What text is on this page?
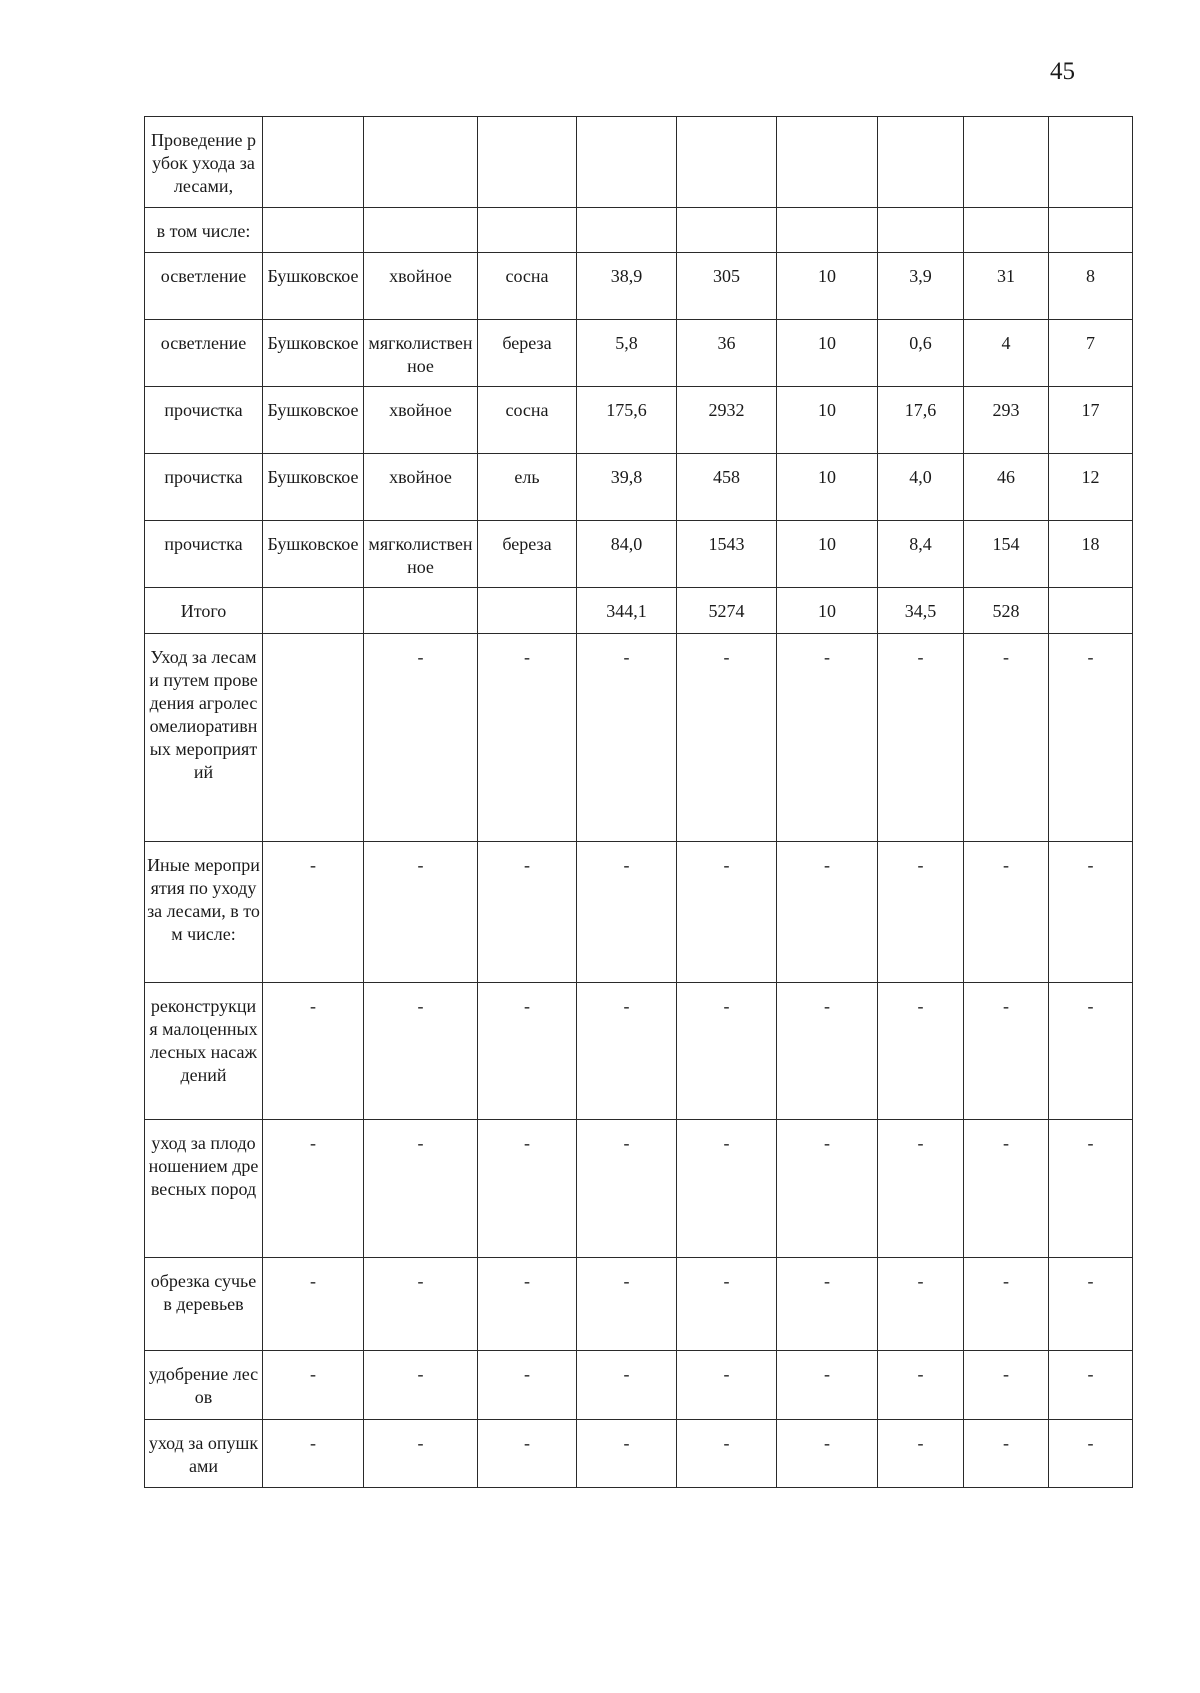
45
Проведение рубок ухода за лесами,									
в том числе:									
осветление	Бушковское	хвойное	сосна	38,9	305	10	3,9	31	8
осветление	Бушковское	мягколиственное	береза	5,8	36	10	0,6	4	7
прочистка	Бушковское	хвойное	сосна	175,6	2932	10	17,6	293	17
прочистка	Бушковское	хвойное	ель	39,8	458	10	4,0	46	12
прочистка	Бушковское	мягколиственное	береза	84,0	1543	10	8,4	154	18
Итого				344,1	5274	10	34,5	528	
Уход за лесами путем проведения агролесомелиоративных мероприятий		-	-	-	-	-	-	-	-
Иные мероприятия по уходу за лесами, в том числе:	-	-	-	-	-	-	-	-	-
реконструкция малоценных лесных насаждений	-	-	-	-	-	-	-	-	-
уход за плодоношением древесных пород	-	-	-	-	-	-	-	-	-
обрезка сучьев деревьев	-	-	-	-	-	-	-	-	-
удобрение лесов	-	-	-	-	-	-	-	-	-
уход за опушками	-	-	-	-	-	-	-	-	-
